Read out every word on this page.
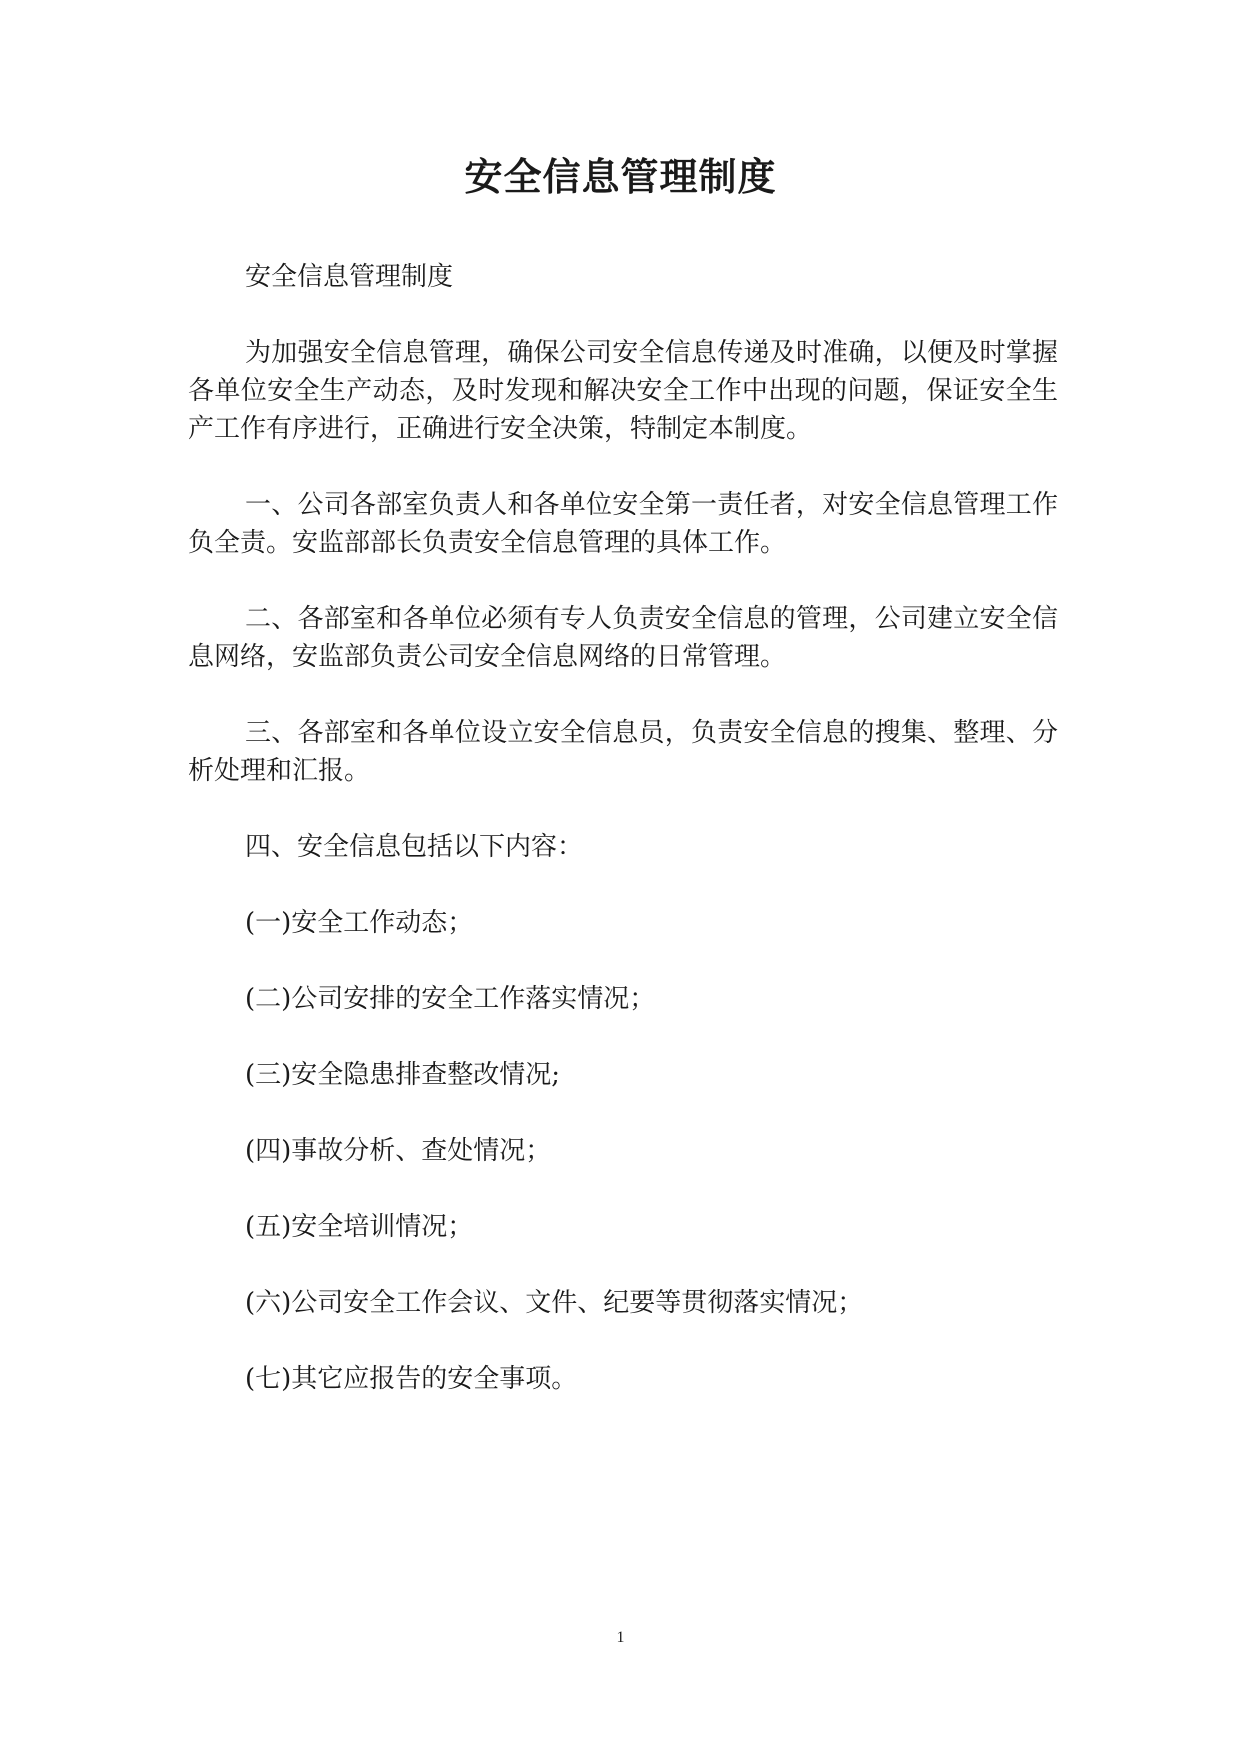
安全信息管理制度

安全信息管理制度

为加强安全信息管理，确保公司安全信息传递及时准确，以便及时掌握各单位安全生产动态，及时发现和解决安全工作中出现的问题，保证安全生产工作有序进行，正确进行安全决策，特制定本制度。

一、公司各部室负责人和各单位安全第一责任者，对安全信息管理工作负全责。安监部部长负责安全信息管理的具体工作。

二、各部室和各单位必须有专人负责安全信息的管理，公司建立安全信息网络，安监部负责公司安全信息网络的日常管理。

三、各部室和各单位设立安全信息员，负责安全信息的搜集、整理、分析处理和汇报。

四、安全信息包括以下内容：

(一)安全工作动态；

(二)公司安排的安全工作落实情况；

(三)安全隐患排查整改情况;

(四)事故分析、查处情况；

(五)安全培训情况；

(六)公司安全工作会议、文件、纪要等贯彻落实情况；

(七)其它应报告的安全事项。

1
